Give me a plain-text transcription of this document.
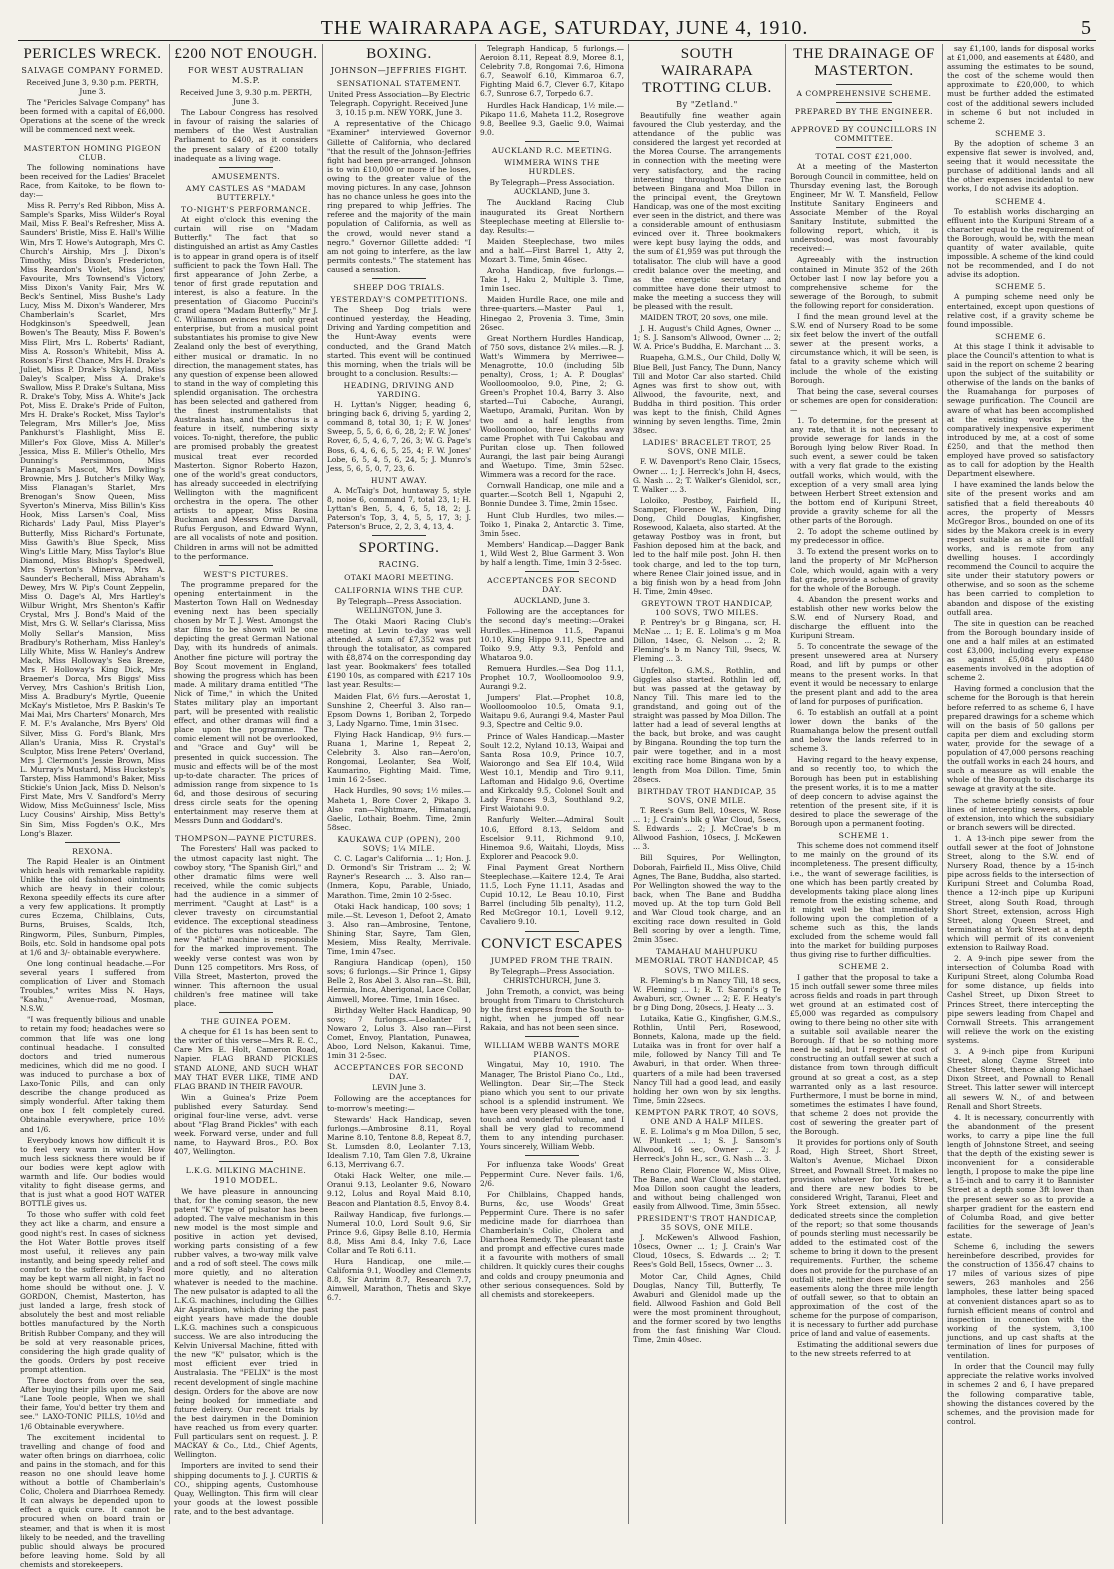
THE WAIRARAPA AGE, SATURDAY, JUNE 4, 1910.	5
PERICLES WRECK.
SALVAGE COMPANY FORMED.
Received June 3, 9.30 p.m. PERTH, June 3.

The "Pericles Salvage Company" has been formed with a capital of £6,000. Operations at the scene of the wreck will be commenced next week.

MASTERTON HOMING PIGEON CLUB.

The following nominations have been received for the Ladies' Bracelet Race, from Kaitoke, to be flown to-day:—

Miss R. Perry's Red Ribbon, Miss A. Sample's Sparks, Miss Wilder's Royal Mail, Miss F. Beal's Refresher, Miss A. Saunders' Bristle, Miss E. Hall's Willie Win, Mrs T. Howe's Autograph, Mrs C. Church's Airship, Mrs J. Dixon's Timothy, Miss Dixon's Fredericton, Miss Reardon's Violet, Miss Jones' Favourite, Mrs Townsend's Victory, Miss Dixon's Vanity Fair, Mrs W. Beck's Sentinel, Miss Bushe's Lady Lucy, Miss M. Dixon's Wanderer, Mrs Chamberlain's Scarlet, Mrs Hodgkinson's Speedwell, Jean Bowen's The Beauty, Miss F. Bowen's Miss Flirt, Mrs L. Roberts' Radiant, Miss A. Rosson's Whitebit, Miss A. Rosson's First Chance, Mrs H. Drake's Juliet, Miss P. Drake's Skyland, Miss Daley's Scalper, Miss A. Drake's Swallow, Miss P. Drake's Sultana, Miss R. Drake's Toby, Miss A. White's Jack Pot, Miss E. Drake's Pride of Fulton, Mrs H. Drake's Rocket, Miss Taylor's Telegram, Mrs Miller's Joe, Miss Pankhurst's Flashlight, Miss E. Miller's Fox Glove, Miss A. Miller's Jessica, Miss E. Miller's Othello, Mrs Dunning's Persimmon, Miss Flanagan's Mascot, Mrs Dowling's Brownie, Mrs J. Butcher's Milky Way, Miss Flanagan's Starlet, Mrs Brenogan's Snow Queen, Miss Syverton's Minerva, Miss Billin's Kiss Hook, Miss Larsen's Coal, Miss Richards' Lady Paul, Miss Player's Butterfly, Miss Richard's Fortunate, Miss Gawith's Blue Speck, Miss Wing's Little Mary, Miss Taylor's Blue Diamond, Miss Bishop's Speedwell, Mrs Syverton's Minerva, Mrs A. Saunder's Becherall, Miss Abraham's Dewey, Mrs W. Pip's Count Zeppelin, Miss O. Dage's Al, Mrs Hartley's Wilbur Wright, Mrs Shenton's Kaffir Crystal, Mrs J. Bond's Maid of the Mist, Mrs G. W. Sellar's Clarissa, Miss Molly Sellar's Mansion, Miss Bradbury's Rotherham, Miss Hanley's Lilly White, Miss W. Hanley's Andrew Mack, Miss Holloway's Sea Breeze, Mrs F. Holloway's King Dick, Mrs Braemer's Dorca, Mrs Biggs' Miss Vervey, Mrs Cashion's British Lion, Miss A. Bradbury's Myrtle, Queenie McKay's Mistletoe, Mrs P. Baskin's Te Mai Mai, Mrs Charters' Monarch, Mrs F. M. F.'s Avalanche, Mrs Byers' Old Silver, Miss G. Ford's Blank, Mrs Allan's Urania, Miss R. Crystal's Sculptor, Miss Irene Peters' Overland, Mrs J. Clermont's Jessie Brown, Miss L. Murray's Mustard, Miss Huckstep's Tarstep, Miss Hammond's Baker, Miss Stickie's Union Jack, Miss D. Nelson's First Mate, Mrs V. Sandford's Merry Widow, Miss McGuinness' Iscle, Miss Lucy Cousins' Airship, Miss Betty's Sin Sim, Miss Fogden's O.K., Mrs Long's Blazer.

REXONA.

The Rapid Healer is an Ointment which heals with remarkable rapidity. Unlike the old fashioned ointments which are heavy in their colour, Rexona speedily effects its cure after a very few applications. It promptly cures Eczema, Chilblains, Cuts, Burns, Bruises, Scalds, Itch, Ringworm, Piles, Sunburn, Pimples, Boils, etc. Sold in handsome opal pots at 1/6 and 3/- obtainable everywhere.

One long continual headache.—For several years I suffered from complication of Liver and Stomach Troubles," writes Miss N. Hays, "Kaahu," Avenue-road, Mosman, N.S.W.

"I was frequently bilious and unable to retain my food; headaches were so common that life was one long continual headache. I consulted doctors and tried numerous medicines, which did me no good. I was induced to purchase a box of Laxo-Tonic Pills, and can only describe the change produced as simply wonderful. After taking them one box I felt completely cured. Obtainable everywhere, price 10½ and 1/6.

Everybody knows how difficult it is to feel very warm in winter. How much less sickness there would be if our bodies were kept aglow with warmth and life. Our bodies would vitality to fight disease germs, and that is just what a good HOT WATER BOTTLE gives us.

To those who suffer with cold feet they act like a charm, and ensure a good night's rest. In cases of sickness the Hot Water Bottle proves itself most useful, it relieves any pain instantly, and being speedy relief and comfort to the sufferer. Baby's Food may be kept warm all night, in fact no home should be without one. J. V. GORDON, Chemist, Masterton, has just landed a large, fresh stock of absolutely the best and most reliable bottles manufactured by the North British Rubber Company, and they will be sold at very reasonable prices, considering the high grade quality of the goods. Orders by post receive prompt attention.

Three doctors from over the sea, After buying their pills upon me, Said "Lane Toole people, When we shall their fame, You'd better try them and see." LAXO-TONIC PILLS, 10½d and 1/6 Obtainable everywhere.

The excitement incidental to travelling and change of food and water often brings on diarrhoea, colic and pains in the stomach, and for this reason no one should leave home without a bottle of Chamberlain's Colic, Cholera and Diarrhoea Remedy. It can always be depended upon to effect a quick cure. It cannot be procured when on board train or steamer, and that is when it is most likely to be needed, and the travelling public should always be procured before leaving home. Sold by all chemists and storekeepers.

£200 NOT ENOUGH.
FOR WEST AUSTRALIAN M.S.P.
Received June 3, 9.30 p.m. PERTH, June 3.

The Labour Congress has resolved in favour of raising the salaries of members of the West Australian Parliament to £400, as it considers the present salary of £200 totally inadequate as a living wage.

AMUSEMENTS.
AMY CASTLES AS "MADAM BUTTERFLY."
TO-NIGHT'S PERFORMANCE.

At eight o'clock this evening the curtain will rise on "Madam Butterfly." The fact that so distinguished an artist as Amy Castles is to appear in grand opera is of itself sufficient to pack the Town Hall. The first appearance of John Zerbe, a tenor of first grade reputation and interest, is also a feature. In the presentation of Giacomo Puccini's grand opera "Madam Butterfly," Mr J. C. Williamson evinces not only great enterprise, but from a musical point substantiates his promise to give New Zealand only the best of everything, either musical or dramatic. In no direction, the management states, has any question of expense been allowed to stand in the way of completing this splendid organisation. The orchestra has been selected and gathered from the finest instrumentalists that Australasia has, and the chorus is a feature in itself, numbering sixty voices. To-night, therefore, the public are promised probably the greatest musical treat ever recorded Masterton. Signor Roberto Hazon, one of the world's great conductors, has already succeeded in electrifying Wellington with the magnificent orchestra in the opera. The other artists to appear, Miss Rosina Buckman and Messrs Orme Darvall, Rufus Ferguson, and Edward Wynn, are all vocalists of note and position. Children in arms will not be admitted to the performance.

WEST'S PICTURES.

The programme prepared for the opening entertainment in the Masterton Town Hall on Wednesday evening next has been specially chosen by Mr T. J. West. Amongst the star films to be shown will be one depicting the great German National Day, with its hundreds of animals. Another fine picture will portray the Boy Scout movement in England, showing the progress which has been made. A military drama entitled "The Nick of Time," in which the United States military play an important part, will be presented with realistic effect, and other dramas will find a place upon the programme. The comic element will not be overlooked, and "Grace and Guy" will be presented in quick succession. The music and effects will be of the most up-to-date character. The prices of admission range from sixpence to 1s 6d, and those desirous of securing dress circle seats for the opening entertainment may reserve them at Messrs Dunn and Goddard's.

THOMPSON—PAYNE PICTURES.

The Foresters' Hall was packed to the utmost capacity last night. The cowboy story, "The Spanish Girl," and other dramatic films were well received, while the comic subjects had the audience in a simmer of merriment. "Caught at Last" is a clever travesty on circumstantial evidence. The exceptional steadiness of the pictures was noticeable. The new "Pathé" machine is responsible for the marked improvement. The weekly verse contest was won by Dunn 125 competitors. Mrs Ross, of Villa Street, Masterton, proved the winner. This afternoon the usual children's free matinee will take place.

THE GUINEA POEM.

A cheque for £1 1s has been sent to the writer of this verse—Mrs R. E. C., Care Mrs E. Holt, Cameron Road, Napier. FLAG BRAND PICKLES STAND ALONE, AND SUCH WHAT MAY THAT EVER LIKE, TIME AND FLAG BRAND IN THEIR FAVOUR.

Win a Guinea's Prize Poem published every Saturday. Send original four-line verse, advt. verse about "Flag Brand Pickles" with each week. Forward verse, under and full name, to Hayward Bros., P.O. Box 407, Wellington.

L.K.G. MILKING MACHINE.
1910 MODEL.

We have pleasure in announcing that, for the coming season, the new patent "K" type of pulsator has been adopted. The valve mechanism in this new model is the most simple and positive in action yet devised, working parts consisting of a few rubber valves, a two-way milk valve and a rod of soft steel. The cows milk more quietly, and no alteration whatever is needed to the machine. The new pulsator is adapted to all the L.K.G. machines, including the Gillies Air Aspiration, which during the past eight years have made the double L.K.G. machines such a conspicuous success. We are also introducing the Kelvin Universal Machine, fitted with the new "K" pulsator, which is the most efficient ever tried in Australasia. The "FELIX" is the most recent development of single machine design. Orders for the above are now being booked for immediate and future delivery. Our recent trials by the best dairymen in the Dominion have reached us from every quarter. Full particulars sent on request. J. P. MACKAY & Co., Ltd., Chief Agents, Wellington.

Importers are invited to send their shipping documents to J. J. CURTIS & CO., shipping agents, Customhouse Quay, Wellington. This firm will clear your goods at the lowest possible rate, and to the best advantage.

BOXING.
JOHNSON—JEFFRIES FIGHT.
SENSATIONAL STATEMENT.
United Press Association—By Electric Telegraph. Copyright. Received June 3, 10.15 p.m. NEW YORK, June 3.

A representative of the Chicago "Examiner" interviewed Governor Gillette of California, who declared "that the result of the Johnson-Jeffries fight had been pre-arranged. Johnson is to win £10,000 or more if he loses, owing to the greater value of the moving pictures. In any case, Johnson has no chance unless he goes into the ring prepared to whip Jeffries. The referee and the majority of the main population of California, as well as the crowd, would never stand a negro." Governor Gillette added: "I am not going to interfere, as the law permits contests." The statement has caused a sensation.

SHEEP DOG TRIALS.
YESTERDAY'S COMPETITIONS.

The Sheep Dog trials were continued yesterday, the Heading, Driving and Yarding competition and the Hunt-Away events were conducted, and the Grand Match started. This event will be continued this morning, when the trials will be brought to a conclusion. Results:—

HEADING, DRIVING AND YARDING.

H. Lyttan's Nigger, heading 6, bringing back 6, driving 5, yarding 2, command 8, total 30, 1; F. W. Jones' Sweep, 5, 5, 6, 6, 6, 28, 2; F. W. Jones' Rover, 6, 5, 4, 6, 7, 26, 3; W. G. Page's Boss, 6, 4, 6, 6, 5, 25, 4; F. W. Jones' Lobe, 6, 5, 4, 5, 6, 24, 5; J. Munro's Jess, 5, 6, 5, 0, 7, 23, 6.

HUNT AWAY.

A. McTaig's Dot, huntaway 5, style 8, noise 6, command 7, total 23, 1; H. Lyttan's Ben, 5, 4, 6, 5, 18, 2; J. Paterson's Top, 3, 4, 5, 5, 17, 3; J. Paterson's Bruce, 2, 2, 3, 4, 13, 4.

SPORTING.
RACING.
OTAKI MAORI MEETING.
CALIFORNIA WINS THE CUP.
By Telegraph—Press Association. WELLINGTON, June 3.

The Otaki Maori Racing Club's meeting at Levin to-day was well attended. A sum of £7,352 was put through the totalisator, as compared with £8,874 on the corresponding day last year. Bookmakers' fees totalled £190 10s, as compared with £217 10s last year. Results:—

Maiden Flat, 6½ furs.—Aerostat 1, Sunshine 2, Cheerful 3. Also ran—Epsom Downs 1, Boriban 2, Torpedo 3, Lady Ngarno. Time, 1min 31sec.

Flying Hack Handicap, 9½ furs.—Ruana 1, Marine 1, Repeat 2, Celebrity 3. Also ran—Aero'on, Rongomai, Leolanter, Sea Wolf, Kaumarino, Fighting Maid. Time, 1min 16 2-5sec.

Hack Hurdles, 90 sovs; 1½ miles.—Maheta 1, Bore Cover 2, Pikapo 3. Also ran—Nightmare, Himatangi, Gaelic, Lothair, Boehm. Time, 2min 58sec.

KAUKAWA CUP (OPEN), 200 SOVS; 1¼ MILE.

C. C. Lagar's California ... 1; Hon. J. D. Ormond's Sir Tristram ... 2; W. Rayner's Research ... 3. Also ran—(Inmera, Kopu, Parable, Uniado, Marathon. Time, 2min 10 2-5sec.

Otaki Hack handicap, 100 sovs; 1 mile.—St. Leveson 1, Defoot 2, Amato 3. Also ran—Ambrosine, Tentone, Shining Star, Sayre, Tam Glen, Mesiem, Miss Realty, Merrivale. Time, 1min 47sec.

Rangiura Handicap (open), 150 sovs; 6 furlongs.—Sir Prince 1, Gipsy Belle 2, Ros Abel 3. Also ran—St. Bill, Hermia, Inca, Aberigonal, Lace Collar, Aimwell, Moree. Time, 1min 16sec.

Birthday Welter Hack Handicap, 90 sovs; 7 furlongs.—Leolanter 1, Nowaro 2, Lolus 3. Also ran—First Comet, Envoy, Plantation, Punawea, Aboo, Lord Nelson, Kakanui. Time, 1min 31 2-5sec.

ACCEPTANCES FOR SECOND DAY.
LEVIN June 3.

Following are the acceptances for to-morrow's meeting:—

Stewards' Hack Handicap, seven furlongs.—Ambrosine 8.11, Royal Marine 8.10, Tentone 8.8, Repeat 8.7, St. Lumsden 8.0, Leolanter 7.13, Idealism 7.10, Tam Glen 7.8, Ukraine 6.13, Merrivang 6.7.

Otaki Hack Welter, one mile.—Oranui 9.13, Leolanter 9.6, Nowaro 9.12, Lolus and Royal Maid 8.10, Beacon and Plantation 8.5, Envoy 8.4.

Railway Handicap, five furlongs.—Numeral 10.0, Lord Soult 9.6, Sir Prince 9.6, Gipsy Belle 8.10, Hermia 8.8, Miss Ami 8.4, Inky 7.6, Lace Collar and Te Roti 6.11.

Hura Handicap, one mile.—California 9.1, Woodley and Clements 8.8, Sir Antrim 8.7, Research 7.7, Aimwell, Marathon, Thetis and Skye 6.7.

Telegraph Handicap, 5 furlongs.—Aeroion 8.11, Repeat 8.9, Moree 8.1, Celebrity 7.8, Rongomai 7.6, Himona 6.7, Seawolf 6.10, Kimmaroa 6.7, Fighting Maid 6.7, Clever 6.7, Kitapo 6.7, Sunrose 6.7, Torpedo 6.7.

Hurdles Hack Handicap, 1½ mile.—Pikapo 11.6, Maheta 11.2, Rosegrove 9.8, Beellee 9.3, Gaelic 9.0, Waimai 9.0.

AUCKLAND R.C. MEETING.
WIMMERA WINS THE HURDLES.
By Telegraph—Press Association. AUCKLAND, June 3.

The Auckland Racing Club inaugurated its Great Northern Steeplechase meeting at Ellerslie to-day. Results:—

Maiden Steeplechase, two miles and a half.—First Barrel 1, Atty 2, Mozart 3. Time, 5min 46sec.

Aroha Handicap, five furlongs.—Take 1, Haku 2, Multiple 3. Time, 1min 1sec.

Maiden Hurdle Race, one mile and three-quarters.—Master Paul 1, Hinegao 2, Provenia 3. Time, 3min 26sec.

Great Northern Hurdles Handicap, of 750 sovs, distance 2¼ miles.—R. J. Watt's Wimmera by Merriwee—Menagrotte, 10.0 (including 5lb penalty), Cross, 1; A. P. Douglas' Woolloomooloo, 9.0, Pine, 2; G. Green's Prophet 10.4, Barry 3. Also started—Tui Caboche, Aurangi, Waetupo, Aramaki, Puritan. Won by two and a half lengths from Woolloomooloo, three lengths away came Prophet with Tui Cakobau and Puritan close up. Then followed Aurangi, the last pair being Aurangi and Waetupo. Time, 3min 52sec. Wimmera was a record for the race.

Cornwall Handicap, one mile and a quarter.—Scotch Bell 1, Ngapuhi 2, Bonnie Dundee 3. Time, 2min 15sec.

Hunt Club Hurdles, two miles.—Toiko 1, Pinaka 2, Antarctic 3. Time, 3min 5sec.

Members' Handicap.—Dagger Bank 1, Wild West 2, Blue Garment 3. Won by half a length. Time, 1min 3 2-5sec.

ACCEPTANCES FOR SECOND DAY.
AUCKLAND, June 3.

Following are the acceptances for the second day's meeting:—Orakei Hurdles.—Hinemoa 11.5, Papanui 10.10, King Hippo 9.11, Spectre and Toiko 9.9, Atty 9.3, Penfold and Whataroa 9.0.

Remuera Hurdles.—Sea Dog 11.1, Prophet 10.7, Woolloomooloo 9.9, Aurangi 9.2.

Jumpers' Flat.—Prophet 10.8, Woolloomooloo 10.5, Omata 9.1, Waitapu 9.6, Aurangi 9.4, Master Paul 9.3, Spectre and Celtic 9.0.

Prince of Wales Handicap.—Master Soult 12.2, Nyland 10.13, Waipai and Santa Rosa 10.9, Prince 10.7, Waiorongo and Sea Elf 10.4, Wild West 10.1, Mendip and Tiro 9.11, Laftoman and Hidalgo 9.6, Overtime and Kirkcaldy 9.5, Colonel Soult and Lady Frances 9.3, Southland 9.2, First Waiotahi 9.0.

Ranfurly Welter.—Admiral Soult 10.6, Efford 8.13, Seldom and Escelsior 9.11, Richmond 9.10, Hinemoa 9.6, Waitahi, Lloyds, Miss Explorer and Peacock 9.0.

Final Payment Great Northern Steeplechase.—Kaitere 12.4, Te Arai 11.5, Loch Fyne 11.11, Asadas and Cupid 10.12, Le Beau 10.10, First Barrel (including 5lb penalty), 11.2, Red McGregor 10.1, Lovell 9.12, Cavaliero 9.10.

CONVICT ESCAPES
JUMPED FROM THE TRAIN.
By Telegraph—Press Association. CHRISTCHURCH, June 3.

John Tremoth, a convict, was being brought from Timaru to Christchurch by the first express from the South to-night, when he jumped off near Rakaia, and has not been seen since.

WILLIAM WEBB WANTS MORE PIANOS.

Wingatui, May 10, 1910. The Manager, The Bristol Piano Co., Ltd., Wellington. Dear Sir,—The Steck piano which you sent to our private school is a splendid instrument. We have been very pleased with the tone, touch and wonderful volume, and I shall be very glad to recommend them to any intending purchaser. Yours sincerely, William Webb.

For influenza take Woods' Great Peppermint Cure. Never fails. 1/6, 2/6.

For Chilblains, Chapped hands, Burns, &c, use Woods' Great Peppermint Cure. There is no safer medicine made for diarrhoea than Chamberlain's Colic, Cholera and Diarrhoea Remedy. The pleasant taste and prompt and effective cures made it a favourite with mothers of small children. It quickly cures their coughs and colds and croupy pneumonia and other serious consequences. Sold by all chemists and storekeepers.

SOUTH WAIRARAPA TROTTING CLUB.
By "Zetland."

Beautifully fine weather again favoured the Club yesterday, and the attendance of the public was considered the largest yet recorded at the Morea Course. The arrangements in connection with the meeting were very satisfactory, and the racing interesting throughout. The race between Bingana and Moa Dillon in the principal event, the Greytown Handicap, was one of the most exciting ever seen in the district, and there was a considerable amount of enthusiasm evinced over it. Three bookmakers were kept busy laying the odds, and the sum of £1,959 was put through the totalisator. The club will have a good credit balance over the meeting, and as the energetic secretary and committee have done their utmost to make the meeting a success they will be pleased with the result.

MAIDEN TROT, 20 sovs, one mile.

J. H. August's Child Agnes, Owner ... 1; S. J. Sansom's Allwood, Owner ... 2; W. A. Price's Buddha, E. Marchant ... 3.

Ruapeha, G.M.S., Our Child, Dolly W, Blue Bell, Just Fancy, The Dunn, Nancy Till and Motor Car also started. Child Agnes was first to show out, with Allwood, the favourite, next, and Buddha in third position. This order was kept to the finish, Child Agnes winning by seven lengths. Time, 2min 38sec.

LADIES' BRACELET TROT, 25 SOVS, ONE MILE.

F. W. Davenport's Reno Clair, 15secs, Owner ... 1; J. Herreck's John H, 4secs, G. Nash ... 2; T. Walker's Glenidol, scr., T. Walker ... 3.

Loloiko, Postboy, Fairfield II., Scamper, Florence W., Fashion, Ding Dong, Child Douglas, Kingfisher, Rosewood, Kalaeta, also started. At the getaway Postboy was in front, but Fashion deposed him at the back, and led to the half mile post. John H. then took charge, and led to the top turn, where Renee Clair joined issue, and in a big finish won by a head from John H. Time, 2min 49sec.

GREYTOWN TROT HANDICAP, 100 SOVS, TWO MILES.

P. Pentrey's br g Bingana, scr, H. McNae ... 1; E. E. Lolima's g m Moa Dillon, 14sec, G. Nelson ... 2; R. Fleming's b m Nancy Till, 9secs, W. Fleming ... 3.

Unfelton, G.M.S., Rothlin, and Giggles also started. Rothlin led off, but was passed at the getaway by Nancy Till. This mare led to the grandstand, and going out of the straight was passed by Moa Dillon. The latter had a lead of several lengths at the back, but broke, and was caught by Bingana. Rounding the top turn the pair were together, and in a most exciting race home Bingana won by a length from Moa Dillon. Time, 5min 28secs.

BIRTHDAY TROT HANDICAP, 35 SOVS, ONE MILE.

T. Rees's Gum Bell, 10secs, W. Rose ... 1; J. Crain's blk g War Cloud, 5secs, S. Edwards ... 2; J. McCrae's b m Allwood Fashion, 10secs, J. McKewen ... 3.

Bill Squires, Por Wellington, Doborah, Fairfield II., Miss Olive, Child Agnes, The Bane, Buddha, also started. Por Wellington showed the way to the back, when The Bane and Buddha moved up. At the top turn Gold Bell and War Cloud took charge, and an exciting race down resulted in Gold Bell scoring by over a length. Time, 2min 35sec.

TAMAHAU MAHUPUKU MEMORIAL TROT HANDICAP, 45 SOVS, TWO MILES.

R. Fleming's b m Nancy Till, 18 secs, W. Fleming ... 1; R. T. Saroni's g Te Awaburi, scr, Owner ... 2; E. F. Heaty's br g Ding Dong, 20secs, J. Heaty ... 3.

Lutaika, Katie G., Kingfisher, G.M.S., Rothlin, Until Peri, Rosewood, Bonnets, Kalona, made up the field. Lutaika was in front for over half a mile, followed by Nancy Till and Te Awaburi, in that order. When three-quarters of a mile had been traversed Nancy Till had a good lead, and easily holding her own won by six lengths. Time, 5min 22secs.

KEMPTON PARK TROT, 40 SOVS, ONE AND A HALF MILES.

E. E. Lolima's g m Moa Dillon, 5 sec, W. Plunkett ... 1; S. J. Sansom's Allwood, 16 sec, Owner ... 2; J. Herreck's John H., scr., G. Nash ... 3.

Reno Clair, Florence W., Miss Olive, The Bane, and War Cloud also started. Moa Dillon soon caught the leaders, and without being challenged won easily from Allwood. Time, 3min 55sec.

PRESIDENT'S TROT HANDICAP, 35 SOVS, ONE MILE.

J. McKewen's Allwood Fashion, 10secs, Owner ... 1; J. Crain's War Cloud, 10secs, S. Edwards ... 2; T. Rees's Gold Bell, 15secs, Owner ... 3.

Motor Car, Child Agnes, Child Douglas, Nancy Till, Butterfly, Te Awaburi and Glenidol made up the field. Allwood Fashion and Gold Bell were the most prominent throughout, and the former scored by two lengths from the fast finishing War Cloud. Time, 2min 40sec.

THE DRAINAGE OF MASTERTON.
A COMPREHENSIVE SCHEME.
PREPARED BY THE ENGINEER.
APPROVED BY COUNCILLORS IN COMMITTEE.
TOTAL COST £21,000.

At a meeting of the Masterton Borough Council in committee, held on Thursday evening last, the Borough Engineer, Mr W. T. Mansfield, Fellow Institute Sanitary Engineers and Associate Member of the Royal Sanitary Institute, submitted the following report, which, it is understood, was most favourably received:—

Agreeably with the instruction contained in Minute 352 of the 26th October last I now lay before you a comprehensive scheme for the sewerage of the Borough, to submit the following report for consideration.

I find the mean ground level at the S.W. end of Nursery Road to be some six feet below the invert of the outfall sewer at the present works, a circumstance which, it will be seen, is fatal to a gravity scheme which will include the whole of the existing Borough.

That being the case, several courses or schemes are open for consideration:—

1. To determine, for the present at any rate, that it is not necessary to provide sewerage for lands in the Borough lying below River Road. In such event, a sewer could be taken with a very flat grade to the existing outfall works, which would, with the exception of a very small area lying between Herbert Street extension and the bottom end of Kuripuni Street, provide a gravity scheme for all the other parts of the Borough.

2. To adopt the scheme outlined by my predecessor in office.

3. To extend the present works on to land the property of Mr McPherson Cole, which would, again with a very flat grade, provide a scheme of gravity for the whole of the Borough.

4. Abandon the present works and establish other new works below the S.W. end of Nursery Road, and discharge the effluent into the Kuripuni Stream.

5. To concentrate the sewage of the present unsewered area at Nursery Road, and lift by pumps or other means to the present works. In that event it would be necessary to enlarge the present plant and add to the area of land for purposes of purification.

6. To establish an outfall at a point lower down the banks of the Ruamahanga below the present outfall and below the lands referred to in scheme 3.

Having regard to the heavy expense, and so recently too, to which the Borough has been put in establishing the present works, it is to me a matter of deep concern to advise against the retention of the present site, if it is desired to place the sewerage of the Borough upon a permanent footing.

SCHEME 1.

This scheme does not commend itself to me mainly on the ground of its incompleteness. The present difficulty, i.e., the want of sewerage facilities, is one which has been partly created by developments taking place along lines remote from the existing scheme, and it might well be that immediately following upon the completion of a scheme such as this, the lands excluded from the scheme would fall into the market for building purposes thus giving rise to further difficulties.

SCHEME 2.

I gather that the proposal to take a 15 inch outfall sewer some three miles across fields and roads in part through wet ground at an estimated cost of £5,000 was regarded as compulsory owing to there being no other site with a suitable soil available nearer the Borough. If that be so nothing more need be said, but I regret the cost of constructing an outfall sewer at such a distance from town through difficult ground at so great a cost, as a step warranted only as a last resource. Furthermore, I must be borne in mind, sometimes the estimates I have found, that scheme 2 does not provide the cost of sewering the greater part of the Borough.

It provides for portions only of South Road, High Street, Short Street, Walton's Avenue, Michael Dixon Street, and Pownall Street. It makes no provision whatever for York Street, and there are new bodies to be considered Wright, Taranui, Fleet and York Street extension, all newly dedicated streets since the completion of the report; so that some thousands of pounds sterling must necessarily be added to the estimated cost of the scheme to bring it down to the present requirements. Further, the scheme does not provide for the purchase of an outfall site, neither does it provide for easements along the three mile length of outfall sewer, so that to obtain an approximation of the cost of the scheme for the purpose of comparison, it is necessary to further add purchase price of land and value of easements.

Estimating the additional sewers due to the new streets referred to at

say £1,100, lands for disposal works at £1,000, and easements at £480, and assuming the estimates to be sound, the cost of the scheme would then approximate to £20,000, to which must be further added the estimated cost of the additional sewers included in scheme 6 but not included in scheme 2.

SCHEME 3.

By the adoption of scheme 3 an expensive flat sewer is involved, and, seeing that it would necessitate the purchase of additional lands and all the other expenses incidental to new works, I do not advise its adoption.

SCHEME 4.

To establish works discharging an effluent into the Kuripuni Stream of a character equal to the requirement of the Borough, would be, with the mean quantity of water available, quite impossible. A scheme of the kind could not be recommended, and I do not advise its adoption.

SCHEME 5.

A pumping scheme need only be entertained, except upon questions of relative cost, if a gravity scheme be found impossible.

SCHEME 6.

At this stage I think it advisable to place the Council's attention to what is said in the report on scheme 2 bearing upon the subject of the suitability or otherwise of the lands on the banks of the Ruamahanga for purposes of sewage purification. The Council are aware of what has been accomplished at the existing works by the comparatively inexpensive experiment introduced by me, at a cost of some £250, and that the method then employed have proved so satisfactory as to call for adoption by the Health Department elsewhere.

I have examined the lands below the site of the present works and am satisfied that a field thereabouts 40 acres, the property of Messrs McGregor Bros., bounded on one of its sides by the Makora creek is in every respect suitable as a site for outfall works, and is remote from any dwelling houses. I accordingly recommend the Council to acquire the site under their statutory powers or otherwise, and so soon as the scheme has been carried to completion to abandon and dispose of the existing outfall area.

The site in question can be reached from the Borough boundary inside of one and a half miles at an estimated cost £3,000, including every expense as against £5,084 plus £480 easements involved in the adoption of scheme 2.

Having formed a conclusion that the scheme for the Borough is that herein before referred to as scheme 6, I have prepared drawings for a scheme which will on the basis of 50 gallons per capita per diem and excluding storm water, provide for the sewage of a population of 47,000 persons reaching the outfall works in each 24 hours, and such a measure as will enable the whole of the Borough to discharge its sewage at gravity at the site.

The scheme briefly consists of four lines of intercepting sewers, capable of extension, into which the subsidiary or branch sewers will be directed.

1. A 13-inch pipe sewer from the outfall sewer at the foot of Johnstone Street, along to the S.W. end of Nursery Road, thence by a 15-inch pipe across fields to the intersection of Kuripuni Street and Columba Road, thence a 12-inch pipe up Kuripuni Street, along South Road, through Short Street, extension, across High Street, along Queen Street, and terminating at York Street at a depth which will permit of its convenient extension to Railway Road.

2. A 9-inch pipe sewer from the intersection of Columba Road with Kuripuni Street, along Columba Road for some distance, up fields into Cashel Street, up Dixon Street to Princes Street, there intercepting the pipe sewers leading from Chapel and Cornwall Streets. This arrangement will relieve the work on the existing systems.

3. A 9-inch pipe from Kuripuni Street, along Cayme Street into Chester Street, thence along Michael Dixon Street, and Pownall to Renall Street. This latter sewer will intercept all sewers W. N., of and between Renall and Short Streets.

4. It is necessary, concurrently with the abandonment of the present works, to carry a pipe line the full length of Johnstone Street, and seeing that the depth of the existing sewer is inconvenient for a considerable length, I propose to make the pipe line a 15-inch and to carry it to Bannister Street at a depth some 3ft lower than the present sewer so as to provide a sharper gradient for the eastern end of Columba Road, and give better facilities for the sewerage of Jean's estate.

Scheme 6, including the sewers hereinbefore described, provides for the construction of 1356.47 chains to 17 miles of various sizes of pipe sewers, 263 manholes and 256 lampholes, these latter being spaced at convenient distances apart so as to furnish efficient means of control and inspection in connection with the working of the system, 3,100 junctions, and up cast shafts at the termination of lines for purposes of ventilation.

In order that the Council may fully appreciate the relative works involved in schemes 2 and 6, I have prepared the following comparative table, showing the distances covered by the schemes, and the provision made for control.
